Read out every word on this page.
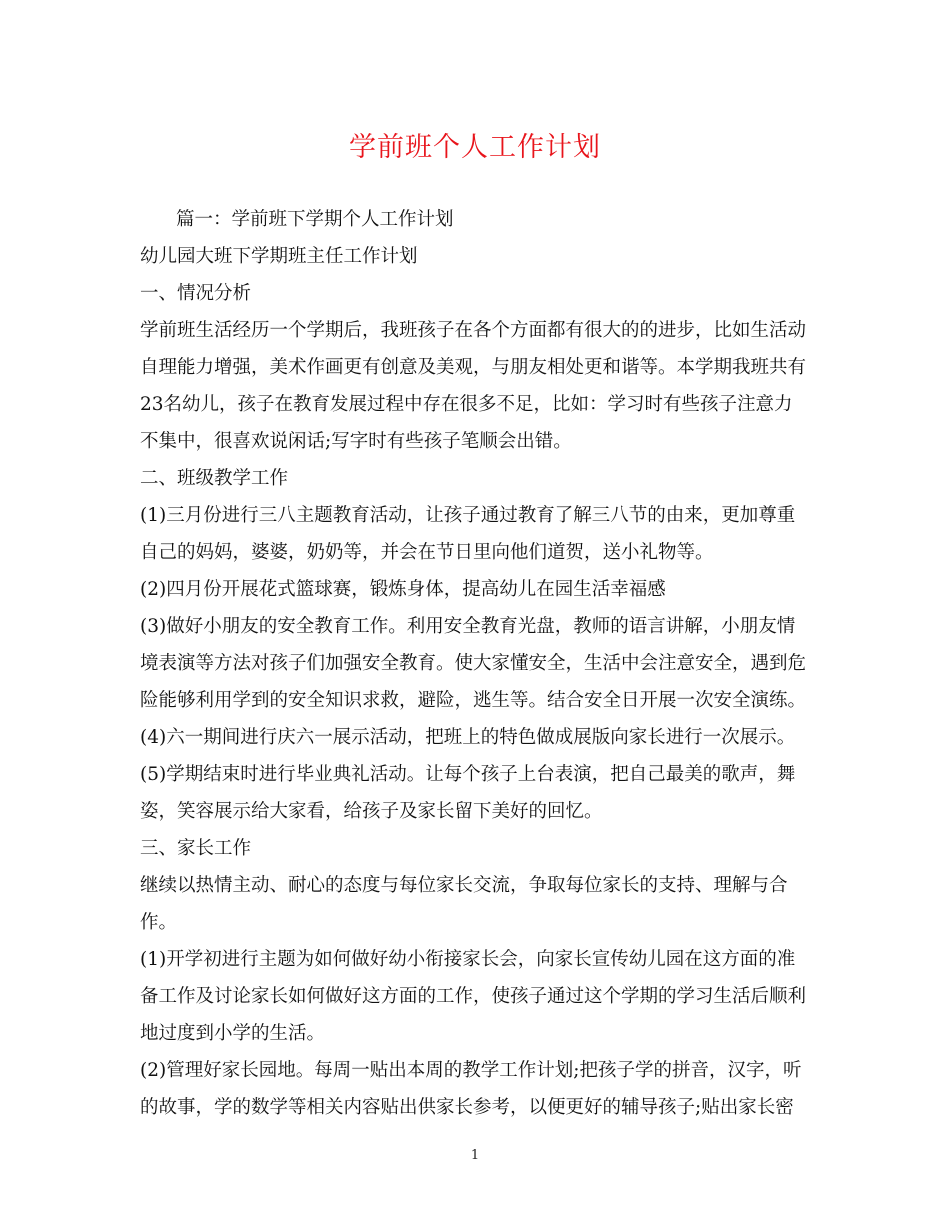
学前班个人工作计划
篇一：学前班下学期个人工作计划
幼儿园大班下学期班主任工作计划
一、情况分析
学前班生活经历一个学期后，我班孩子在各个方面都有很大的的进步，比如生活动
自理能力增强，美术作画更有创意及美观，与朋友相处更和谐等。本学期我班共有
23名幼儿，孩子在教育发展过程中存在很多不足，比如：学习时有些孩子注意力
不集中，很喜欢说闲话;写字时有些孩子笔顺会出错。
二、班级教学工作
(1)三月份进行三八主题教育活动，让孩子通过教育了解三八节的由来，更加尊重
自己的妈妈，婆婆，奶奶等，并会在节日里向他们道贺，送小礼物等。
(2)四月份开展花式篮球赛，锻炼身体，提高幼儿在园生活幸福感
(3)做好小朋友的安全教育工作。利用安全教育光盘，教师的语言讲解，小朋友情
境表演等方法对孩子们加强安全教育。使大家懂安全，生活中会注意安全，遇到危
险能够利用学到的安全知识求救，避险，逃生等。结合安全日开展一次安全演练。
(4)六一期间进行庆六一展示活动，把班上的特色做成展版向家长进行一次展示。
(5)学期结束时进行毕业典礼活动。让每个孩子上台表演，把自己最美的歌声，舞
姿，笑容展示给大家看，给孩子及家长留下美好的回忆。
三、家长工作
继续以热情主动、耐心的态度与每位家长交流，争取每位家长的支持、理解与合
作。
(1)开学初进行主题为如何做好幼小衔接家长会，向家长宣传幼儿园在这方面的准
备工作及讨论家长如何做好这方面的工作，使孩子通过这个学期的学习生活后顺利
地过度到小学的生活。
(2)管理好家长园地。每周一贴出本周的教学工作计划;把孩子学的拼音，汉字，听
的故事，学的数学等相关内容贴出供家长参考，以便更好的辅导孩子;贴出家长密
1
